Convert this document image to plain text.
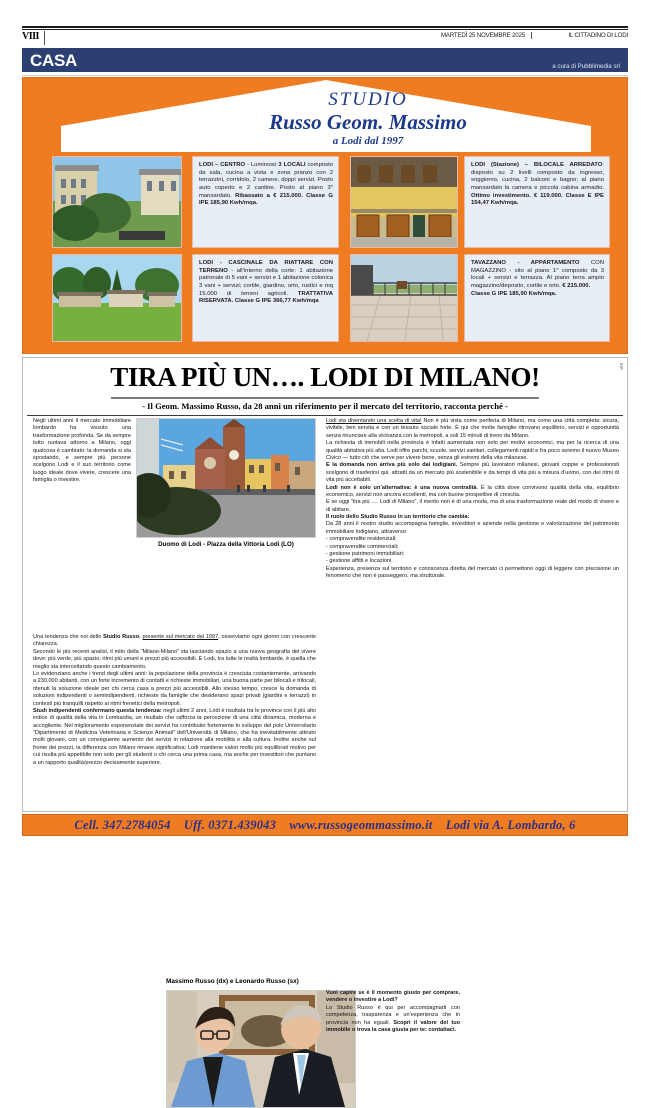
VIII	MARTEDÌ 25 NOVEMBRE 2025	IL CITTADINO DI LODI
CASA	a cura di Pubblimedia srl
STUDIO
Russo Geom. Massimo
a Lodi dal 1997
LODI – CENTRO - Luminoso 3 LOCALI composto da sala, cucina a vista e zona pranzo con 2 terrazzini, corridoio, 2 camere, doppi servizi. Posto auto coperto e 2 cantine. Posto al piano 3° mansardato. Ribassato a € 215.000. Classe G IPE 185,90 Kwh/mqa.
LODI (Stazione) – BILOCALE ARREDATO: disposto su 2 livelli composto da ingresso, soggiorno, cucina, 2 balconi e bagno; al piano mansardato la camera e piccola cabina armadio. Ottimo investimento. € 119.000. Classe E IPE 154,47 Kwh/mqa.
LODI - CASCINALE DA RIATTARE CON TERRENO - all’interno della corte: 1 abitazione patronale di 5 vani + servizi e 1 abitazione colonica 3 vani + servizi; cortile, giardino, orto, rustici e mq 15.000 di terreni agricoli. TRATTATIVA RISERVATA. Classe G IPE 366,77 Kwh/mqa
TAVAZZANO - APPARTAMENTO CON MAGAZZINO - sito al piano 1° composto da 3 locali + servizi e terrazza. Al piano terra ampio magazzino/deposito, cortile e orto. € 215.000.
Classe G IPE 185,90 Kwh/mqa.
VIII
TIRA PIÙ UN…. LODI DI MILANO!
- Il Geom. Massimo Russo, da 28 anni un riferimento per il mercato del territorio, racconta perché -
Duomo di Lodi - Plazza della Vittoria Lodi (LO)
Negli ultimi anni il mercato immobiliare lombardo ha vissuto una trasformazione profonda. Se da sempre tutto ruotava attorno a Milano, oggi qualcosa è cambiato: la domanda si sta spostando, e sempre più persone scelgono Lodi e il suo territorio come luogo ideale dove vivere, crescere una famiglia o investire.
Una tendenza che noi dello Studio Russo, presente sul mercato dal 1997, osserviamo ogni giorno con crescente chiarezza.
Secondo le più recenti analisi, il mito della “Milano-Milano” sta lasciando spazio a una nuova geografia del vivere dove: più verde, più spazio, ritmi più umani e prezzi più accessibili. E Lodi, tra tutte le realtà lombarde, è quella che meglio sta intercettando questo cambiamento.
Lo evidenziano anche i trend degli ultimi anni: la popolazione della provincia è cresciuta costantemente, arrivando a 230.000 abitanti, con un forte incremento di contatti e richieste immobiliari, una buona parte per bilocali e trilocali, ritenuti la soluzione ideale per chi cerca casa a prezzi più accessibili. Allo stesso tempo, cresce la domanda di soluzioni indipendenti o semindipendenti, richieste da famiglie che desiderano spazi privati (giardini e terrazzi) in contesti più tranquilli rispetto ai ritmi frenetici della metropoli.
Studi indipendenti confermano questa tendenza: negli ultimi 2 anni, Lodi è risultata tra le province con il più alto indice di qualità della vita in Lombardia, un risultato che rafforza la percezione di una città dinamica, moderna e accogliente. Nel miglioramento esponenziale dei servizi ha contribuito fortemente lo sviluppo del polo Universitario “Dipartimento di Medicina Veterinaria e Scienze Animali” dell’Università di Milano, che ha inevitabilmente attirato molti giovani, con un conseguente aumento dei servizi in relazione alla mobilità e alla cultura. Inoltre anche sul fronte dei prezzi, la differenza con Milano rimane significativa; Lodi mantiene valori molto più equilibrati motivo per cui risulta più appetibile non solo per gli studenti o chi cerca una prima casa, ma anche per investitori che puntano a un rapporto qualità/prezzo decisamente superiore.
Lodi sta diventando una scelta di vita! Non è più vista come periferia di Milano, ma come una città completa: sicura, vivibile, ben servita e con un tessuto sociale forte. È qui che molte famiglie ritrovano equilibrio, servizi e opportunità senza rinunciare alla vicinanza con la metropoli, a soli 15 minuti di treno da Milano.
La richiesta di immobili nella provincia è infatti aumentata non solo per motivi economici, ma per la ricerca di una qualità abitativa più alta. Lodi offre parchi, scuole, servizi sanitari, collegamenti rapidi e fra poco avremo il nuovo Museo Civico — tutto ciò che serve per vivere bene, senza gli estremi della vita milanese.
E la domanda non arriva più solo dai lodigiani. Sempre più lavoratori milanesi, giovani coppie e professionisti scelgono di trasferirsi qui, attratti da un mercato più sostenibile e da tempi di vita più a misura d’uomo, con dei ritmi di vita più accettabili.
Lodi non è solo un’alternativa: è una nuova centralità. È la città dove convivono qualità della vita, equilibrio economico, servizi non ancora eccellenti, ma con buone prospettive di crescita.
E se oggi “tira più …. Lodi di Milano”, il merito non è di una moda, ma di una trasformazione reale del modo di vivere e di abitare.
Il ruolo dello Studio Russo in un territorio che cambia:
Da 28 anni il nostro studio accompagna famiglie, investitori e aziende nella gestione e valorizzazione del patrimonio immobiliare lodigiano, attraverso:
- compravendite residenziali;
- compravendite commerciali;
- gestione patrimoni immobiliari;
- gestione affitti e locazioni.
Esperienza, presenza sul territorio e conoscenza diretta del mercato ci permettono oggi di leggere con precisione un fenomeno che non è passeggero, ma strutturale.
Massimo Russo (dx) e Leonardo Russo (sx)
Vuoi capire se è il momento giusto per comprare, vendere o investire a Lodi?
Lo Studio Russo è qui per accompagnarti con competenza, trasparenza e un’esperienza che in provincia non ha eguali. Scopri il valore del tuo immobile o trova la casa giusta per te: contattaci.
Cell. 347.2784054 Uff. 0371.439043 www.russogeommassimo.it Lodi via A. Lombardo, 6
